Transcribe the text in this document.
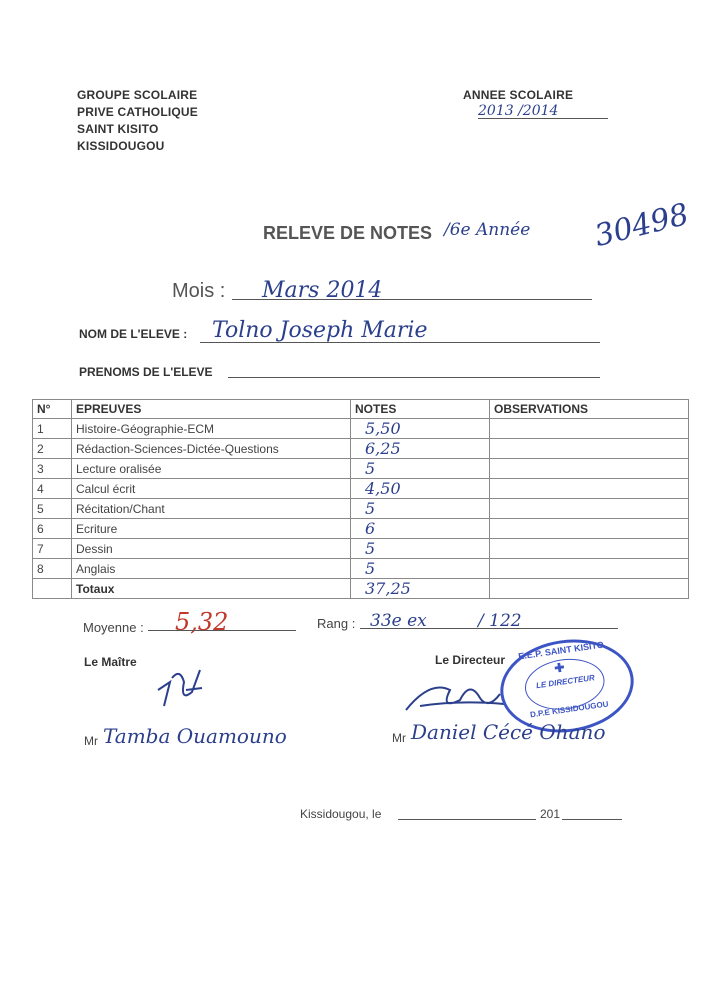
GROUPE SCOLAIRE
PRIVE CATHOLIQUE
SAINT KISITO
KISSIDOUGOU
ANNEE SCOLAIRE
2013 /2014
RELEVE DE NOTES /6e Année 30498
Mois : Mars 2014
NOM DE L'ELEVE : Tolno Joseph Marie
PRENOMS DE L'ELEVE
N°	EPREUVES	NOTES	OBSERVATIONS
1	Histoire-Géographie-ECM	5,50	
2	Rédaction-Sciences-Dictée-Questions	6,25	
3	Lecture oralisée	5	
4	Calcul écrit	4,50	
5	Récitation/Chant	5	
6	Ecriture	6	
7	Dessin	5	
8	Anglais	5	
	Totaux	37,25	
Moyenne : 5,32	Rang : 33e ex	/ 122
Le Maître	Le Directeur	E.E.P. SAINT KISITO
✚
LE DIRECTEUR
D.P.E KISSIDOUGOU
Mr Tamba Ouamouno	Mr Daniel Cécé Ohano
Kissidougou, le	201
